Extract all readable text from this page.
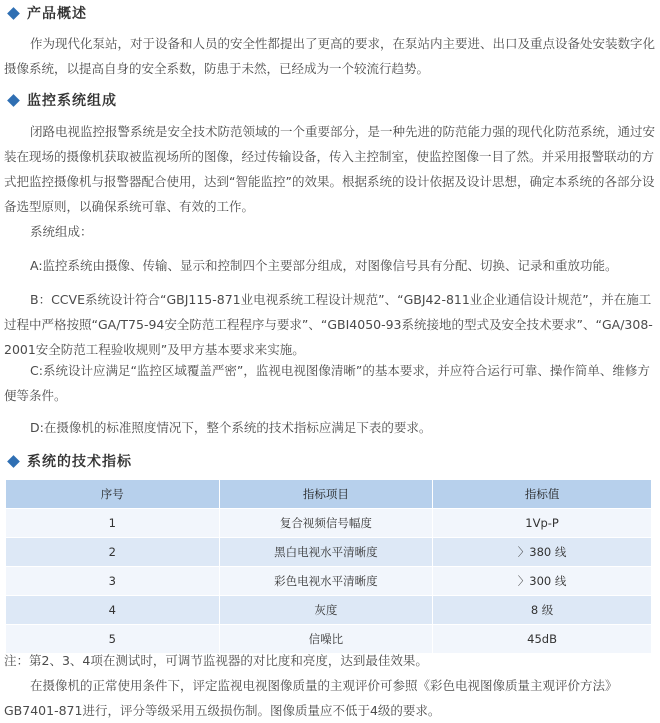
产品概述

作为现代化泵站，对于设备和人员的安全性都提出了更高的要求，在泵站内主要进、出口及重点设备处安装数字化摄像系统，以提高自身的安全系数，防患于未然，已经成为一个较流行趋势。

监控系统组成

闭路电视监控报警系统是安全技术防范领域的一个重要部分，是一种先进的防范能力强的现代化防范系统，通过安装在现场的摄像机获取被监视场所的图像，经过传输设备，传入主控制室，使监控图像一目了然。并采用报警联动的方式把监控摄像机与报警器配合使用，达到“智能监控”的效果。根据系统的设计依据及设计思想，确定本系统的各部分设备选型原则，以确保系统可靠、有效的工作。

系统组成：

A:监控系统由摄像、传输、显示和控制四个主要部分组成，对图像信号具有分配、切换、记录和重放功能。

B：CCVE系统设计符合“GBJ115-871业电视系统工程设计规范”、“GBJ42-811业企业通信设计规范”，并在施工过程中严格按照“GA/T75-94安全防范工程程序与要求”、“GBI4050-93系统接地的型式及安全技术要求”、“GA/308-2001安全防范工程验收规则”及甲方基本要求来实施。

C:系统设计应满足“监控区域覆盖严密”，监视电视图像清晰”的基本要求，并应符合运行可靠、操作简单、维修方便等条件。

D:在摄像机的标准照度情况下，整个系统的技术指标应满足下表的要求。

系统的技术指标
序号	指标项目	指标值
1	复合视频信号幅度	1Vp-P
2	黑白电视水平清晰度	〉380 线
3	彩色电视水平清晰度	〉300 线
4	灰度	8 级
5	信噪比	45dB

注：第2、3、4项在测试时，可调节监视器的对比度和亮度，达到最佳效果。

在摄像机的正常使用条件下，评定监视电视图像质量的主观评价可参照《彩色电视图像质量主观评价方法》GB7401-871进行，评分等级采用五级损伤制。图像质量应不低于4级的要求。
